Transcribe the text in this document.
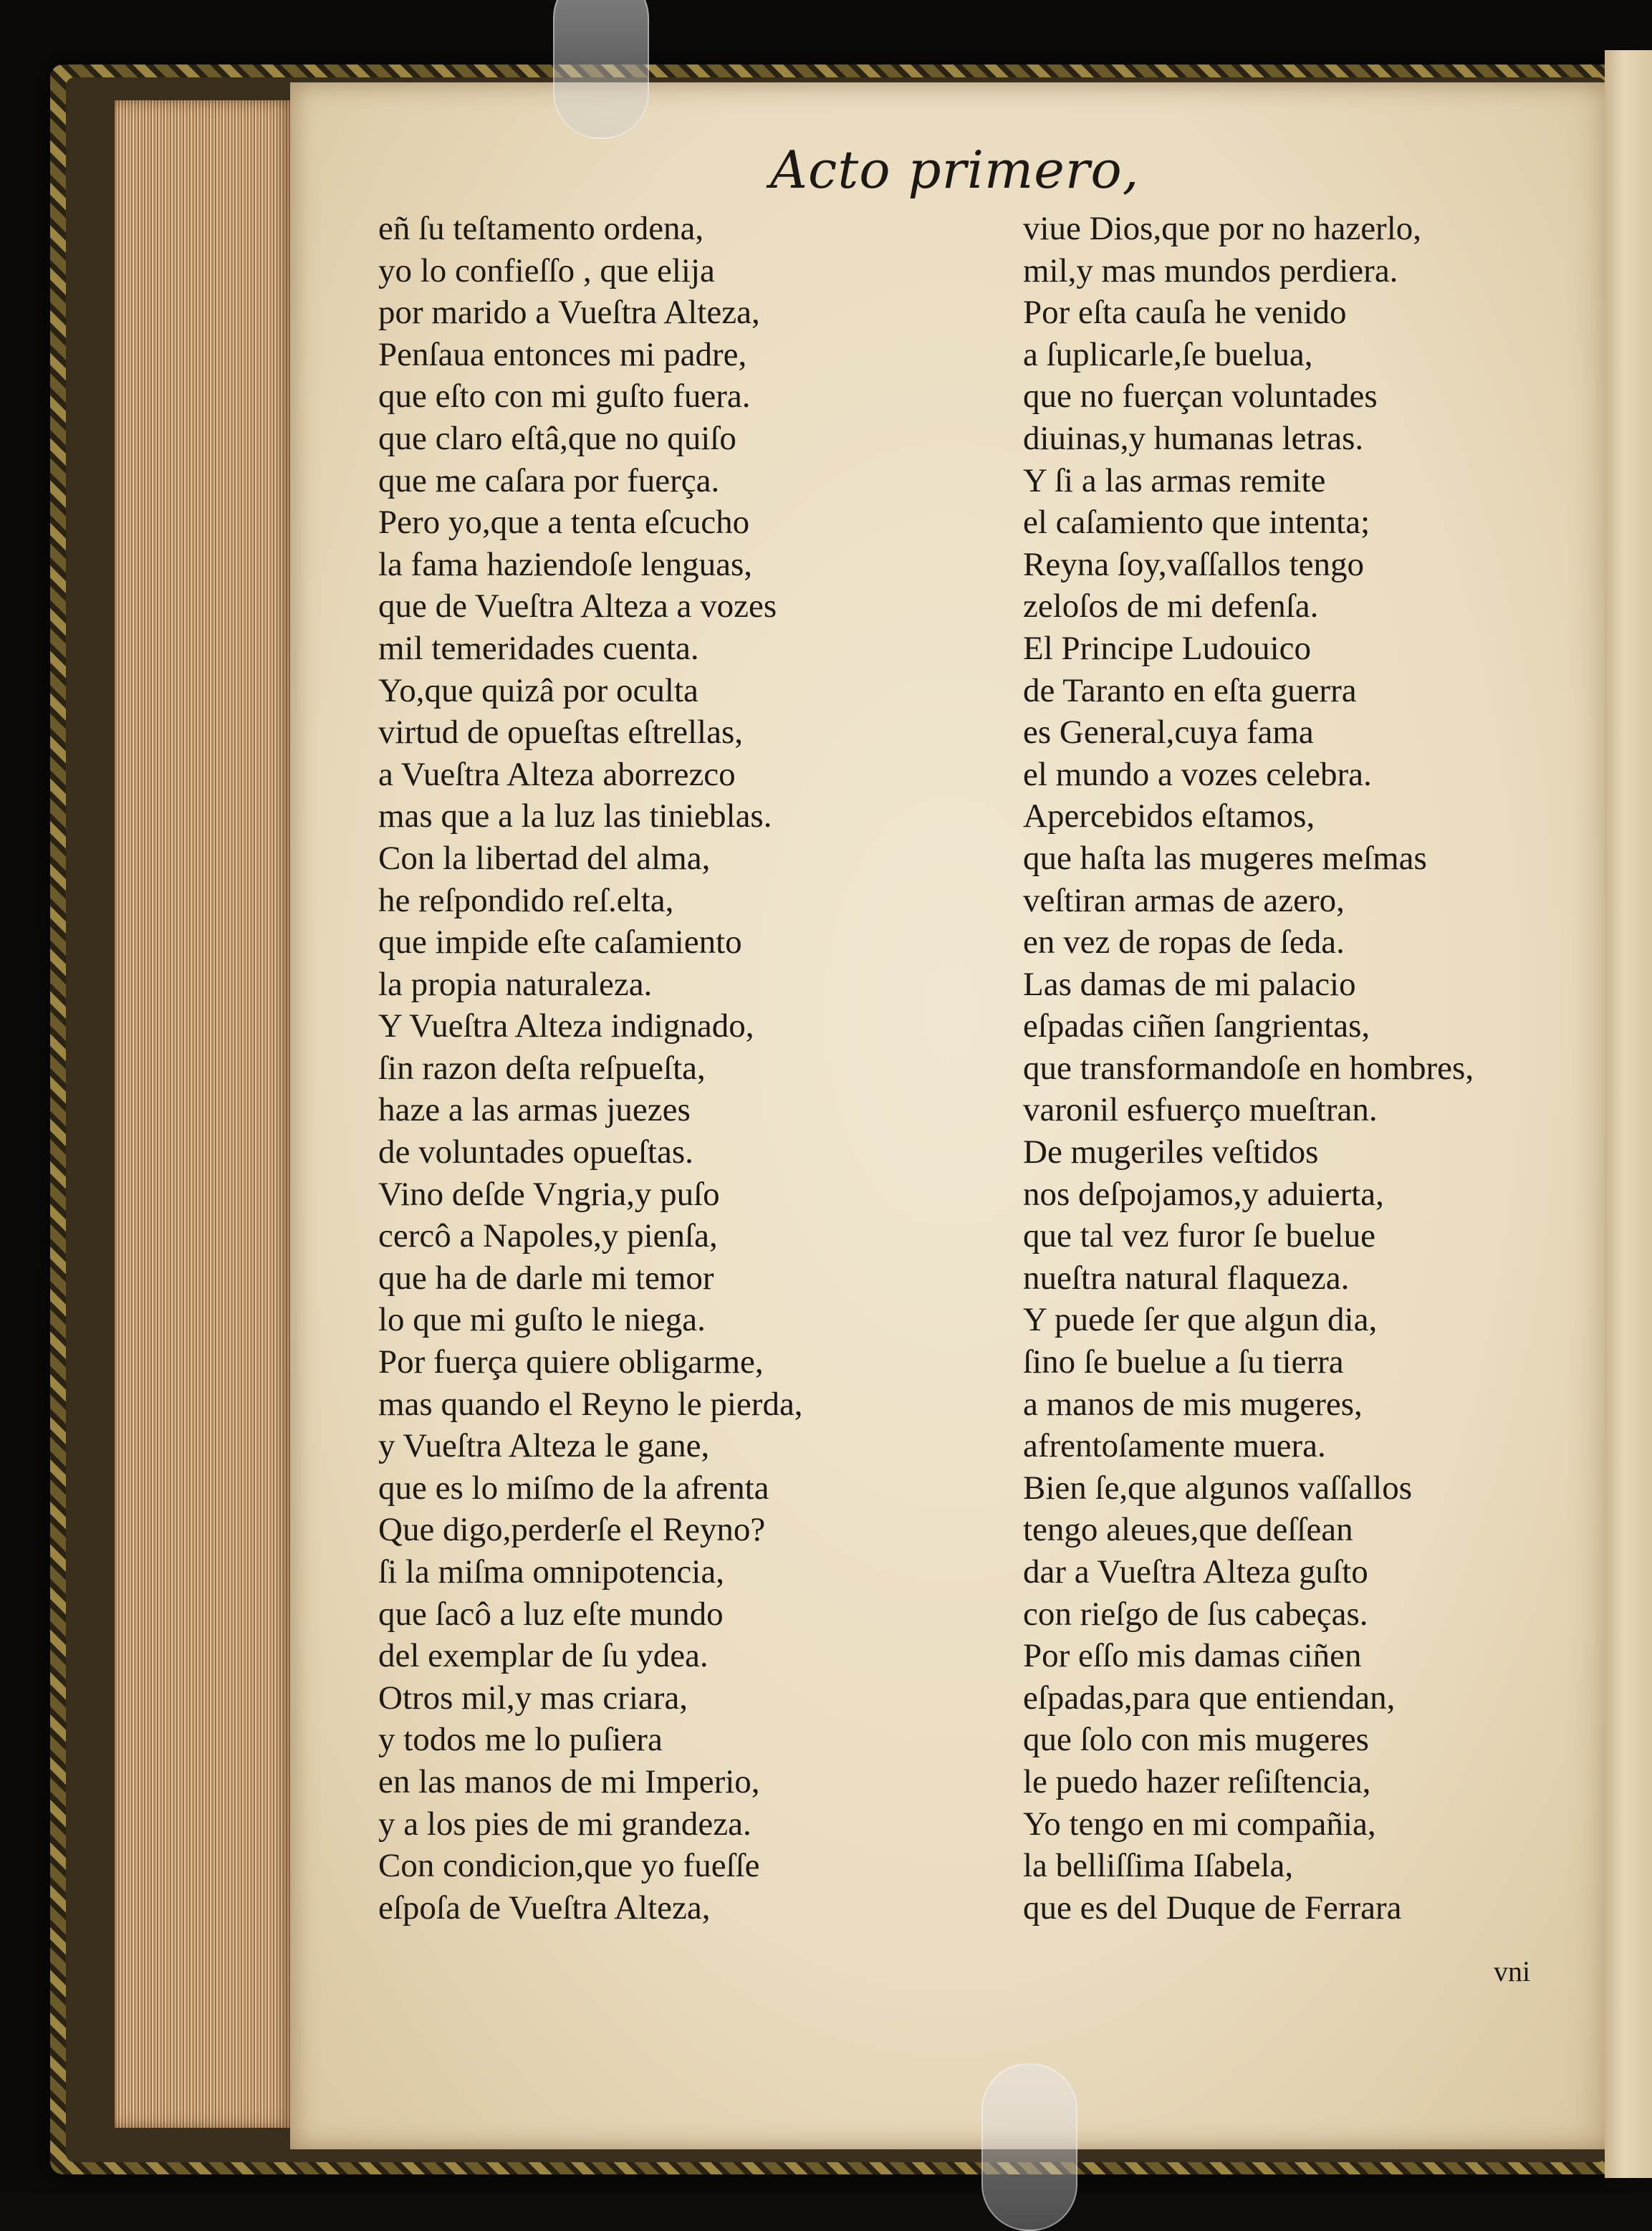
Acto primero,
eñ ſu teſtamento ordena,
yo lo confieſſo , que elija
por marido a Vueſtra Alteza,
Penſaua entonces mi padre,
que eſto con mi guſto fuera.
que claro eſtâ,que no quiſo
que me caſara por fuerça.
Pero yo,que a tenta eſcucho
la fama haziendoſe lenguas,
que de Vueſtra Alteza a vozes
mil temeridades cuenta.
Yo,que quizâ por oculta
virtud de opueſtas eſtrellas,
a Vueſtra Alteza aborrezco
mas que a la luz las tinieblas.
Con la libertad del alma,
he reſpondido reſ.elta,
que impide eſte caſamiento
la propia naturaleza.
Y Vueſtra Alteza indignado,
ſin razon deſta reſpueſta,
haze a las armas juezes
de voluntades opueſtas.
Vino deſde Vngria,y puſo
cercô a Napoles,y pienſa,
que ha de darle mi temor
lo que mi guſto le niega.
Por fuerça quiere obligarme,
mas quando el Reyno le pierda,
y Vueſtra Alteza le gane,
que es lo miſmo de la afrenta
Que digo,perderſe el Reyno?
ſi la miſma omnipotencia,
que ſacô a luz eſte mundo
del exemplar de ſu ydea.
Otros mil,y mas criara,
y todos me lo puſiera
en las manos de mi Imperio,
y a los pies de mi grandeza.
Con condicion,que yo fueſſe
eſpoſa de Vueſtra Alteza,
viue Dios,que por no hazerlo,
mil,y mas mundos perdiera.
Por eſta cauſa he venido
a ſuplicarle,ſe buelua,
que no fuerçan voluntades
diuinas,y humanas letras.
Y ſi a las armas remite
el caſamiento que intenta;
Reyna ſoy,vaſſallos tengo
zeloſos de mi defenſa.
El Principe Ludouico
de Taranto en eſta guerra
es General,cuya fama
el mundo a vozes celebra.
Apercebidos eſtamos,
que haſta las mugeres meſmas
veſtiran armas de azero,
en vez de ropas de ſeda.
Las damas de mi palacio
eſpadas ciñen ſangrientas,
que transformandoſe en hombres,
varonil esfuerço mueſtran.
De mugeriles veſtidos
nos deſpojamos,y aduierta,
que tal vez furor ſe buelue
nueſtra natural flaqueza.
Y puede ſer que algun dia,
ſino ſe buelue a ſu tierra
a manos de mis mugeres,
afrentoſamente muera.
Bien ſe,que algunos vaſſallos
tengo aleues,que deſſean
dar a Vueſtra Alteza guſto
con rieſgo de ſus cabeças.
Por eſſo mis damas ciñen
eſpadas,para que entiendan,
que ſolo con mis mugeres
le puedo hazer reſiſtencia,
Yo tengo en mi compañia,
la belliſſima Iſabela,
que es del Duque de Ferrara
vni
